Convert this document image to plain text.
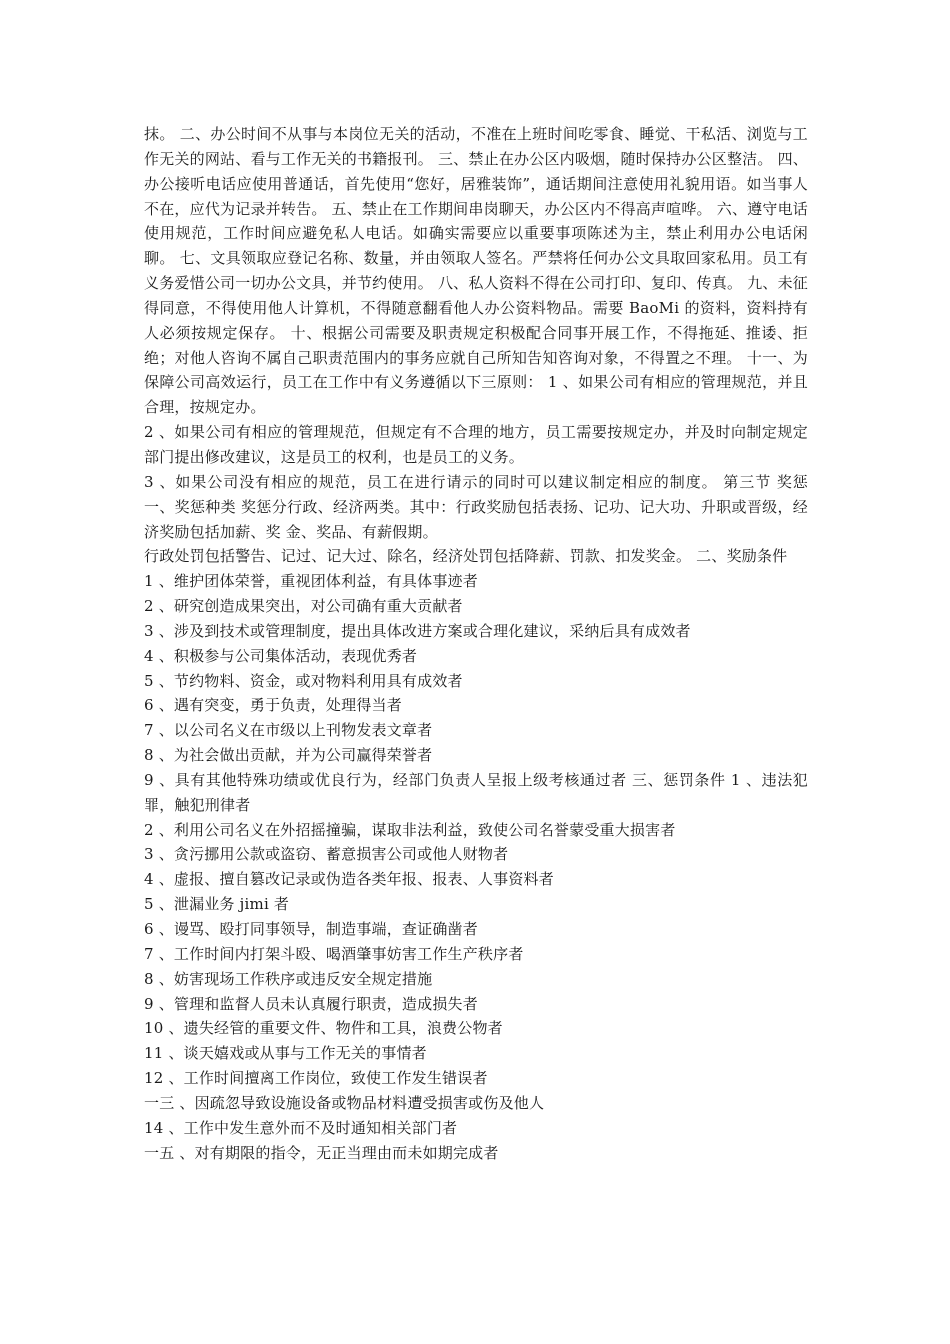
抹。 二、办公时间不从事与本岗位无关的活动，不准在上班时间吃零食、睡觉、干私活、浏览与工作无关的网站、看与工作无关的书籍报刊。 三、禁止在办公区内吸烟，随时保持办公区整洁。 四、办公接听电话应使用普通话，首先使用“您好，居雅装饰”，通话期间注意使用礼貌用语。如当事人不在，应代为记录并转告。 五、禁止在工作期间串岗聊天，办公区内不得高声喧哗。 六、遵守电话使用规范，工作时间应避免私人电话。如确实需要应以重要事项陈述为主，禁止利用办公电话闲聊。 七、文具领取应登记名称、数量，并由领取人签名。严禁将任何办公文具取回家私用。员工有义务爱惜公司一切办公文具，并节约使用。 八、私人资料不得在公司打印、复印、传真。 九、未征得同意，不得使用他人计算机，不得随意翻看他人办公资料物品。需要 BaoMi 的资料，资料持有人必须按规定保存。 十、根据公司需要及职责规定积极配合同事开展工作，不得拖延、推诿、拒绝；对他人咨询不属自己职责范围内的事务应就自己所知告知咨询对象，不得置之不理。 十一、为保障公司高效运行，员工在工作中有义务遵循以下三原则： 1 、如果公司有相应的管理规范，并且合理，按规定办。

2 、如果公司有相应的管理规范，但规定有不合理的地方，员工需要按规定办，并及时向制定规定部门提出修改建议，这是员工的权利，也是员工的义务。

3 、如果公司没有相应的规范，员工在进行请示的同时可以建议制定相应的制度。 第三节 奖惩 一、奖惩种类 奖惩分行政、经济两类。其中：行政奖励包括表扬、记功、记大功、升职或晋级，经济奖励包括加薪、奖 金、奖品、有薪假期。

行政处罚包括警告、记过、记大过、除名，经济处罚包括降薪、罚款、扣发奖金。 二、奖励条件

1 、维护团体荣誉，重视团体利益，有具体事迹者

2 、研究创造成果突出，对公司确有重大贡献者

3 、涉及到技术或管理制度，提出具体改进方案或合理化建议，采纳后具有成效者

4 、积极参与公司集体活动，表现优秀者

5 、节约物料、资金，或对物料利用具有成效者

6 、遇有突变，勇于负责，处理得当者

7 、以公司名义在市级以上刊物发表文章者

8 、为社会做出贡献，并为公司赢得荣誉者

9 、具有其他特殊功绩或优良行为，经部门负责人呈报上级考核通过者 三、惩罚条件 1 、违法犯罪，触犯刑律者

2 、利用公司名义在外招摇撞骗，谋取非法利益，致使公司名誉蒙受重大损害者

3 、贪污挪用公款或盗窃、蓄意损害公司或他人财物者

4 、虚报、擅自篡改记录或伪造各类年报、报表、人事资料者

5 、泄漏业务 jimi 者

6 、谩骂、殴打同事领导，制造事端，查证确凿者

7 、工作时间内打架斗殴、喝酒肇事妨害工作生产秩序者

8 、妨害现场工作秩序或违反安全规定措施

9 、管理和监督人员未认真履行职责，造成损失者

10 、遗失经管的重要文件、物件和工具，浪费公物者

11 、谈天嬉戏或从事与工作无关的事情者

12 、工作时间擅离工作岗位，致使工作发生错误者

一三 、因疏忽导致设施设备或物品材料遭受损害或伤及他人

14 、工作中发生意外而不及时通知相关部门者

一五 、对有期限的指令，无正当理由而未如期完成者
